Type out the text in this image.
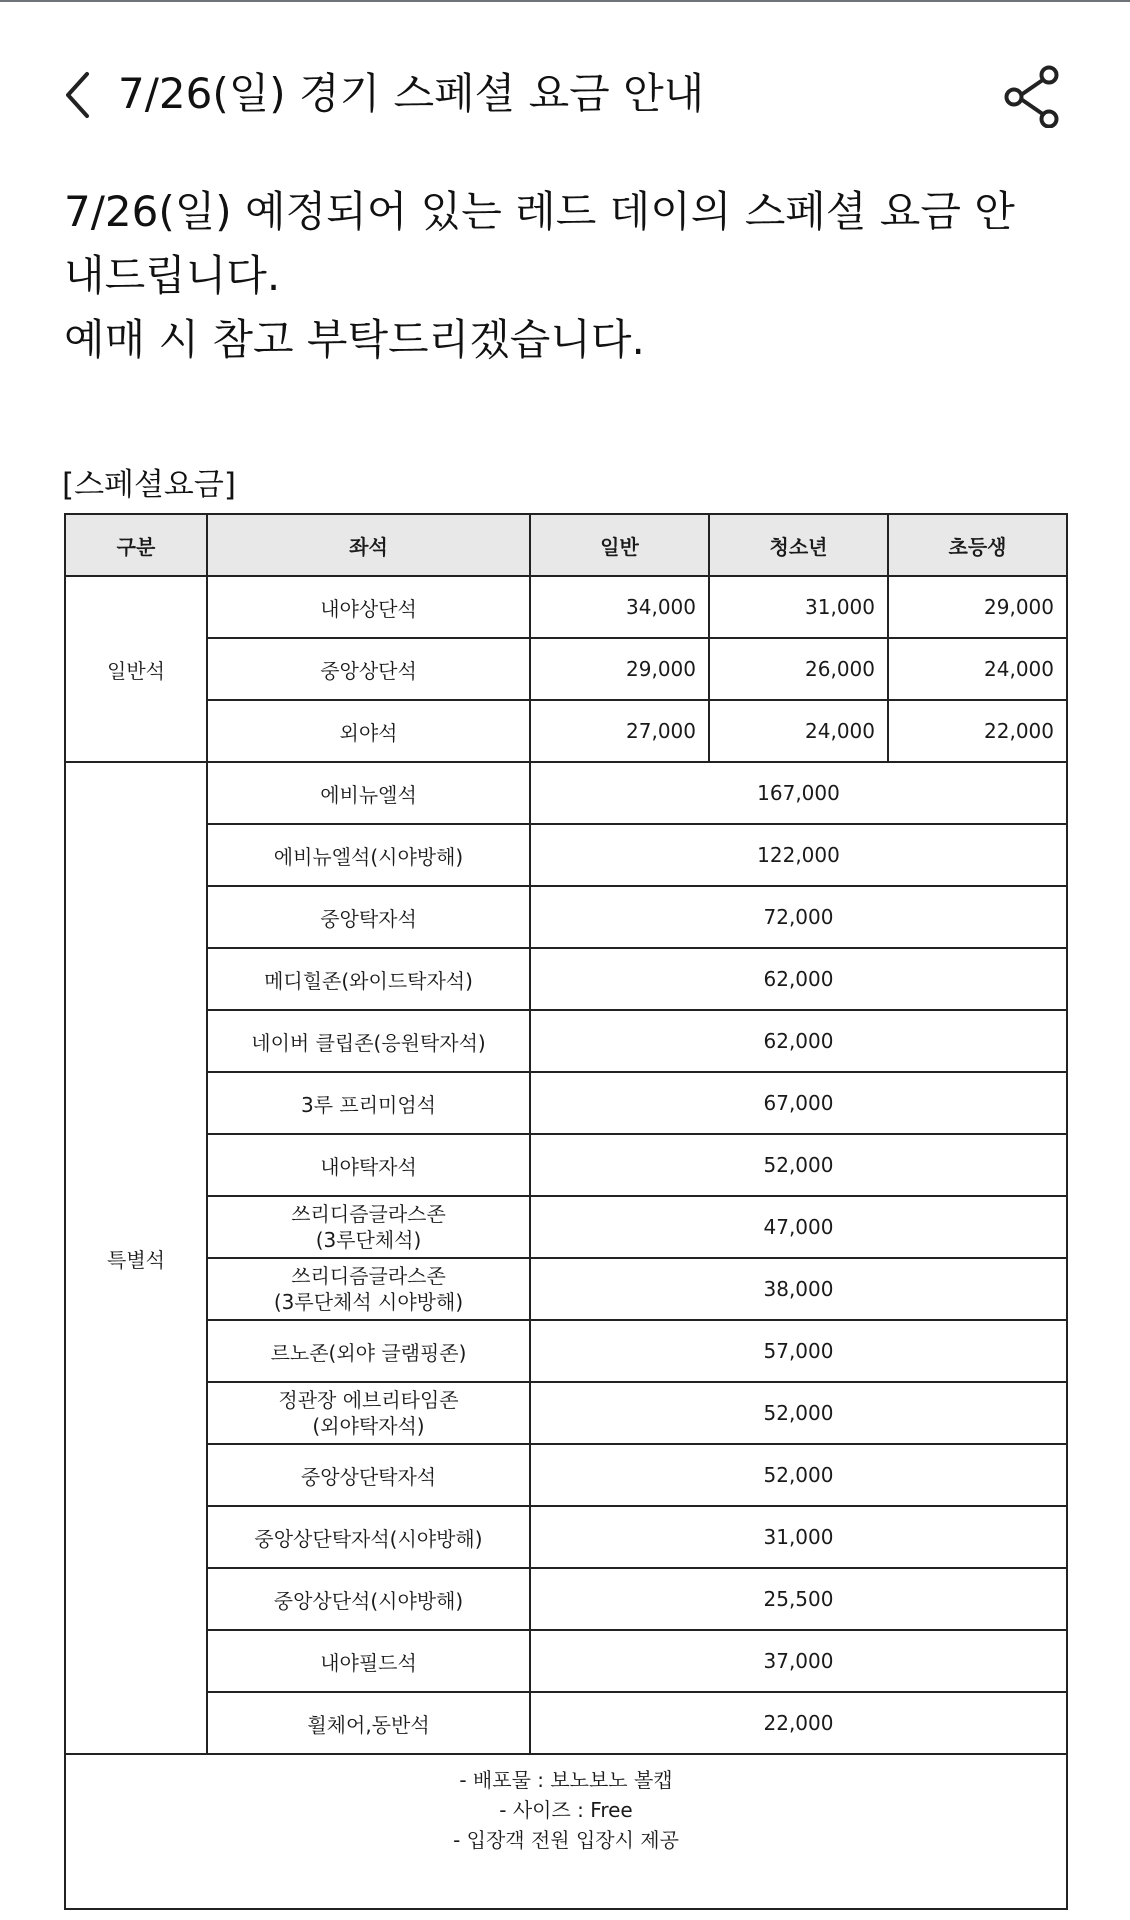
7/26(일) 경기 스페셜 요금 안내

7/26(일) 예정되어 있는 레드 데이의 스페셜 요금 안내드립니다.

예매 시 참고 부탁드리겠습니다.

[스페셜요금]
구분	좌석	일반	청소년	초등생
일반석	내야상단석	34,000	31,000	29,000
	중앙상단석	29,000	26,000	24,000
	외야석	27,000	24,000	22,000
특별석	에비뉴엘석	167,000		
	에비뉴엘석(시야방해)	122,000		
	중앙탁자석	72,000		
	메디힐존(와이드탁자석)	62,000		
	네이버 클립존(응원탁자석)	62,000		
	3루 프리미엄석	67,000		
	내야탁자석	52,000		

	쓰리디즘글라스존
(3루단체석)	47,000		

	쓰리디즘글라스존
(3루단체석 시야방해)	38,000		
	르노존(외야 글램핑존)	57,000		

	정관장 에브리타임존
(외야탁자석)	52,000		
	중앙상단탁자석	52,000		
	중앙상단탁자석(시야방해)	31,000		
	중앙상단석(시야방해)	25,500		
	내야필드석	37,000		
	휠체어,동반석	22,000		

- 배포물 : 보노보노 볼캡
- 사이즈 : Free
- 입장객 전원 입장시 제공				
